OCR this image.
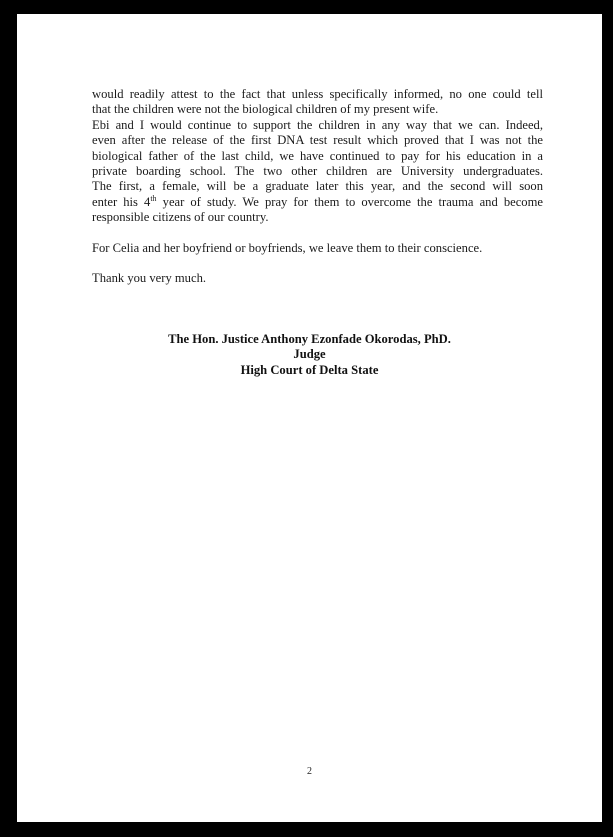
would readily attest to the fact that unless specifically informed, no one could tell
that the children were not the biological children of my present wife.

Ebi and I would continue to support the children in any way that we can. Indeed,
even after the release of the first DNA test result which proved that I was not the
biological father of the last child, we have continued to pay for his education in a
private boarding school. The two other children are University undergraduates.
The first, a female, will be a graduate later this year, and the second will soon
enter his 4th year of study. We pray for them to overcome the trauma and become
responsible citizens of our country.

For Celia and her boyfriend or boyfriends, we leave them to their conscience.

Thank you very much.

The Hon. Justice Anthony Ezonfade Okorodas, PhD.
Judge
High Court of Delta State
2
